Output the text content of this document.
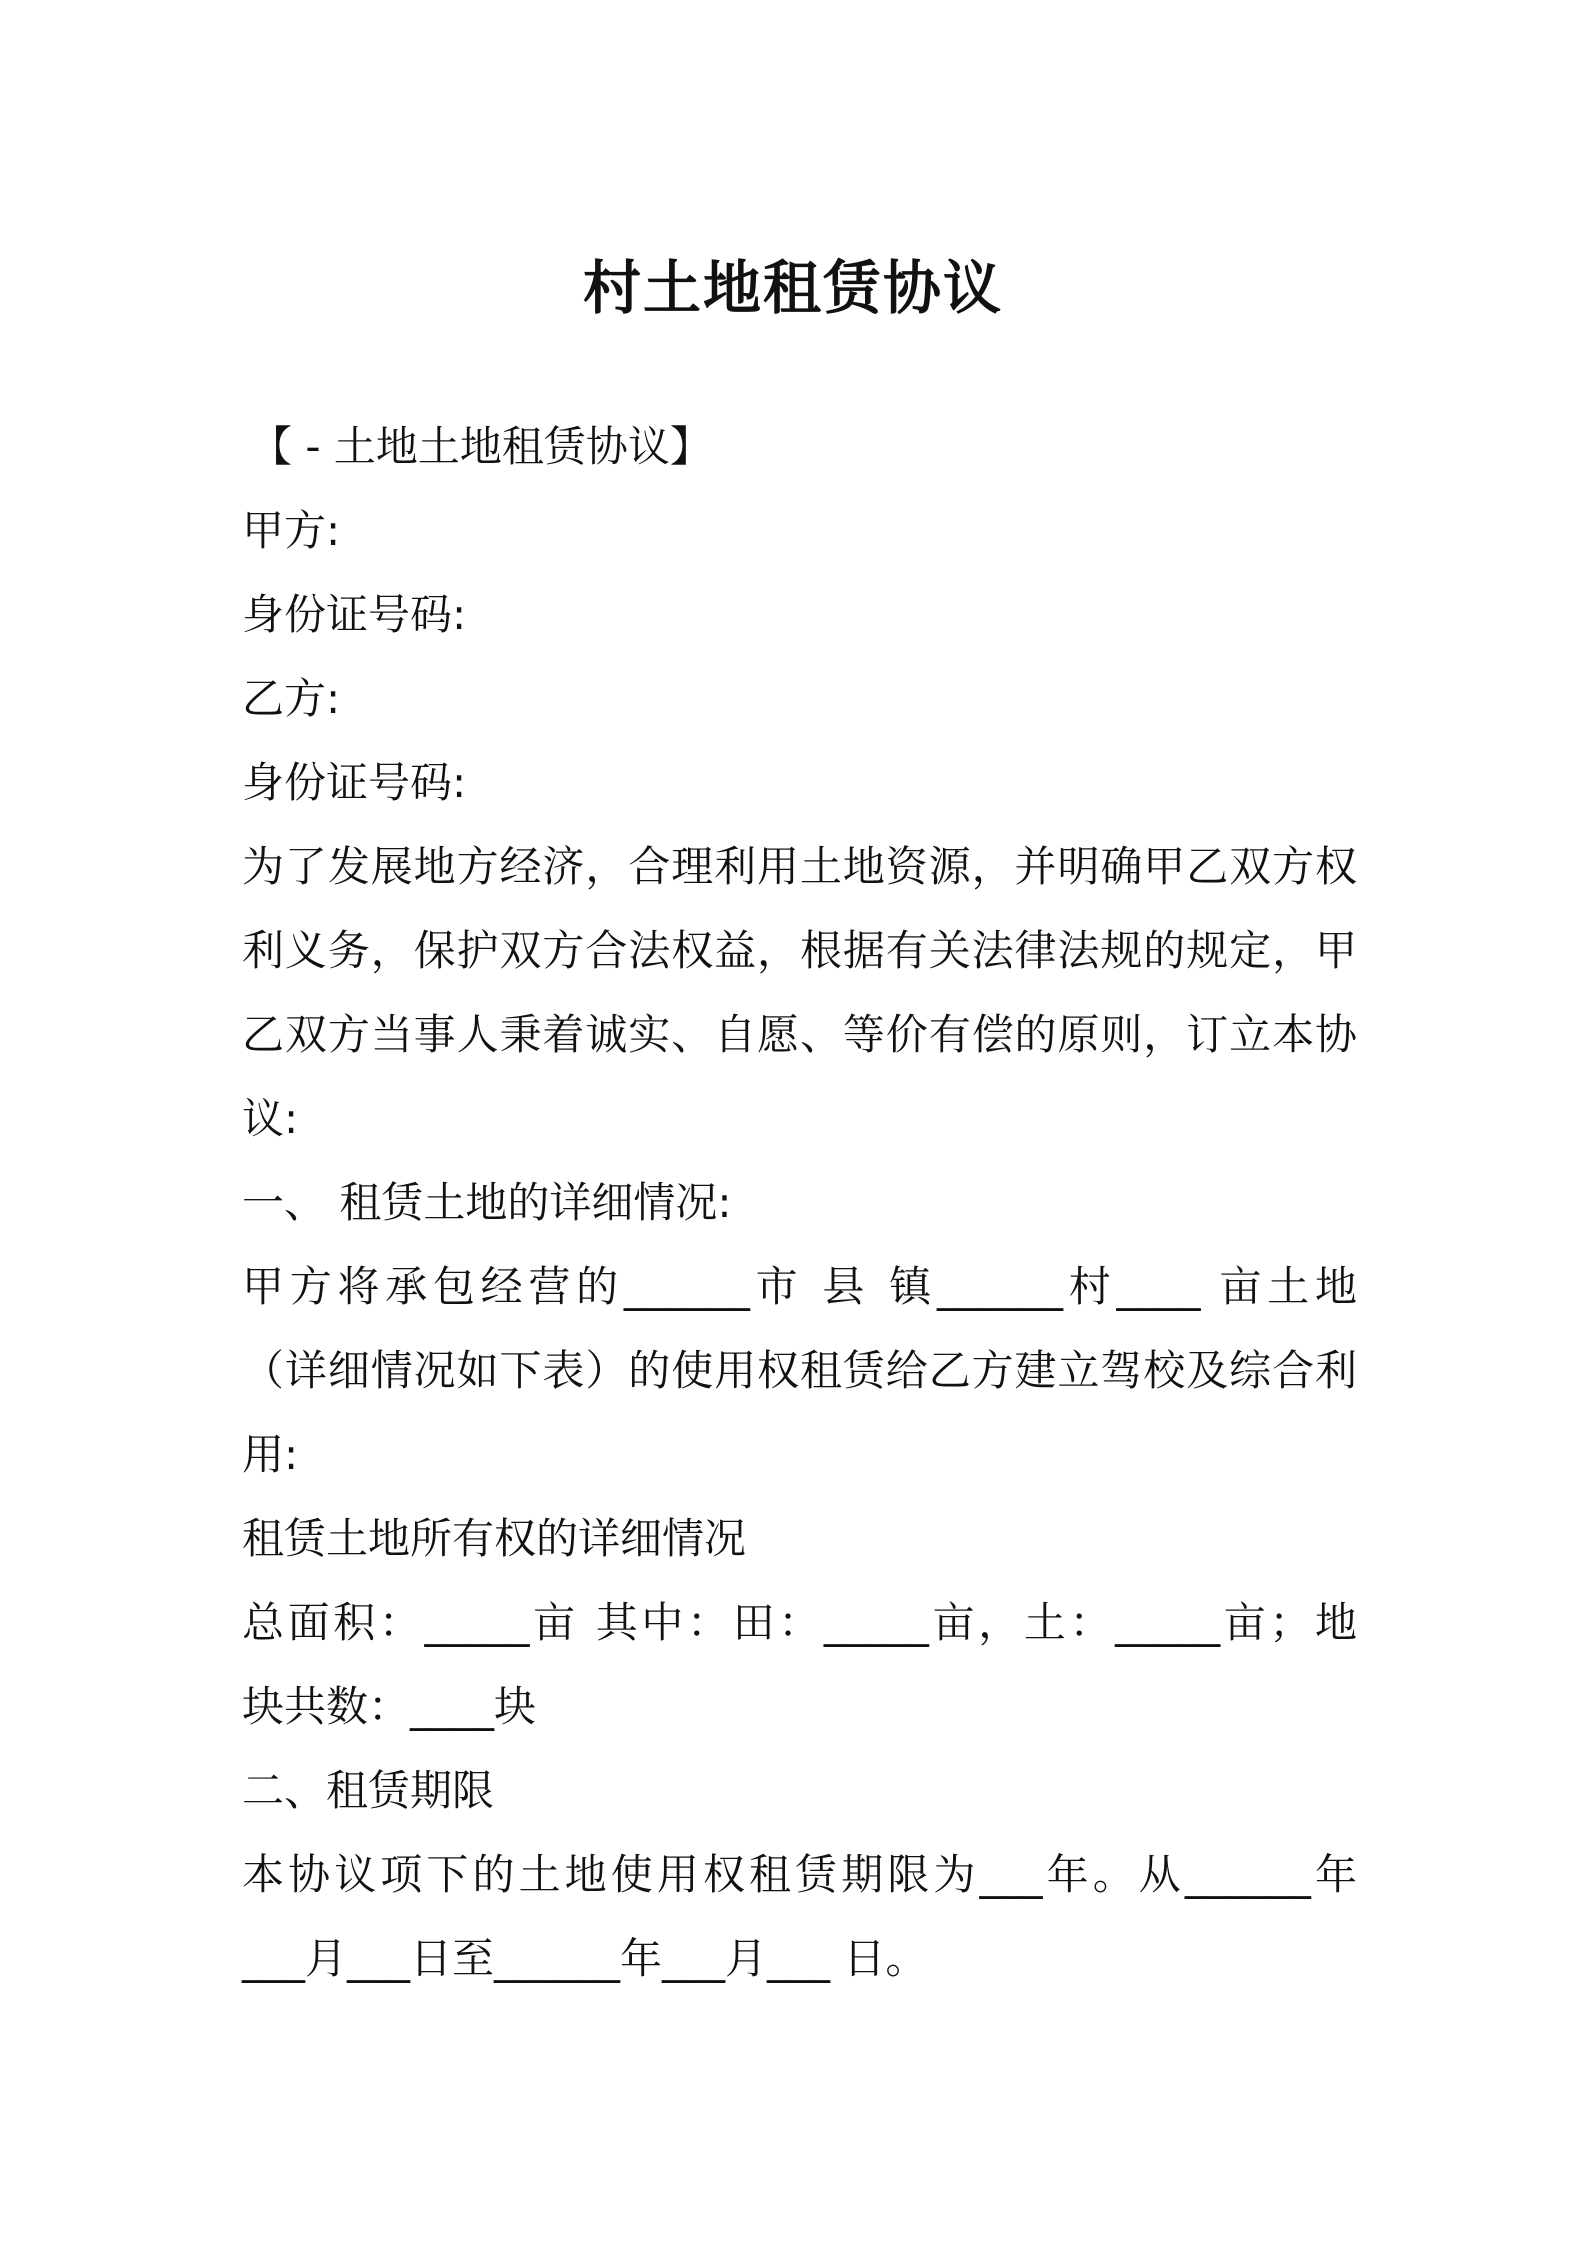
村土地租赁协议
【 - 土地土地租赁协议】
甲方:
身份证号码:
乙方:
身份证号码:
为了发展地方经济，合理利用土地资源，并明确甲乙双方权
利义务，保护双方合法权益，根据有关法律法规的规定，甲
乙双方当事人秉着诚实、自愿、等价有偿的原则，订立本协
议:
一、 租赁土地的详细情况:
甲方将承包经营的______市 县 镇______村____ 亩土地
（详细情况如下表）的使用权租赁给乙方建立驾校及综合利
用:
租赁土地所有权的详细情况
总面积：_____亩 其中：田：_____亩，土：_____亩；地
块共数：____块
二、租赁期限
本协议项下的土地使用权租赁期限为___年。从______年
___月___日至______年___月___ 日。
